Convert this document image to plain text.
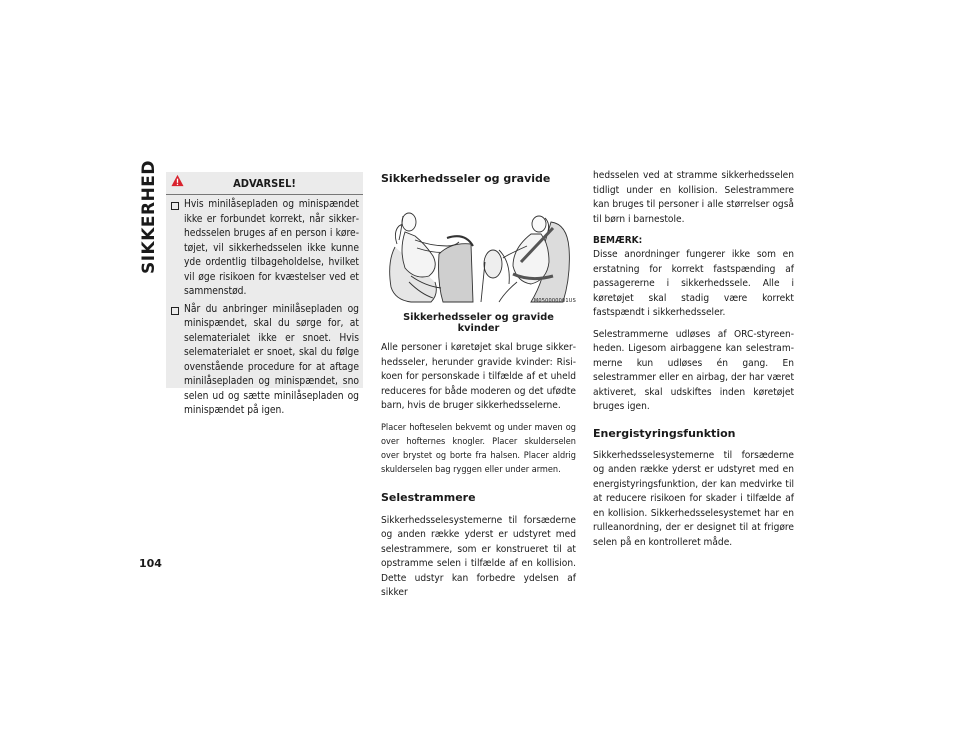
SIKKERHED
104
ADVARSEL!
Hvis minilåsepladen og minispændet ikke er forbundet korrekt, når sikkerhedsselen bruges af en person i køretøjet, vil sikkerhedsselen ikke kunne yde ordentlig tilbageholdelse, hvilket vil øge risikoen for kvæstelser ved et sammenstød.
Når du anbringer minilåsepladen og minispændet, skal du sørge for, at selematerialet ikke er snoet. Hvis selematerialet er snoet, skal du følge ovenstående procedure for at aftage minilåsepladen og minispændet, sno selen ud og sætte minilåsepladen og minispændet på igen.
Sikkerhedsseler og gravide
M050000001US
Sikkerhedsseler og gravide kvinder

Alle personer i køretøjet skal bruge sikkerhedsseler, herunder gravide kvinder: Risikoen for personskade i tilfælde af et uheld reduceres for både moderen og det ufødte barn, hvis de bruger sikkerhedsselerne.

Placer hofteselen bekvemt og under maven og over hofternes knogler. Placer skulderselen over brystet og borte fra halsen. Placer aldrig skulderselen bag ryggen eller under armen.

Selestrammere

Sikkerhedsselesystemerne til forsæderne og anden række yderst er udstyret med selestrammere, som er konstrueret til at opstramme selen i tilfælde af en kollision. Dette udstyr kan forbedre ydelsen af sikker

hedsselen ved at stramme sikkerhedsselen tidligt under en kollision. Selestrammere kan bruges til personer i alle størrelser også til børn i barnestole.

BEMÆRK:

Disse anordninger fungerer ikke som en erstatning for korrekt fastspænding af passagererne i sikkerhedssele. Alle i køretøjet skal stadig være korrekt fastspændt i sikkerhedsseler.

Selestrammerne udløses af ORC-styreenheden. Ligesom airbaggene kan selestrammerne kun udløses én gang. En selestrammer eller en airbag, der har været aktiveret, skal udskiftes inden køretøjet bruges igen.

Energistyringsfunktion

Sikkerhedsselesystemerne til forsæderne og anden række yderst er udstyret med en energistyringsfunktion, der kan medvirke til at reducere risikoen for skader i tilfælde af en kollision. Sikkerhedsselesystemet har en rulleanordning, der er designet til at frigøre selen på en kontrolleret måde.
